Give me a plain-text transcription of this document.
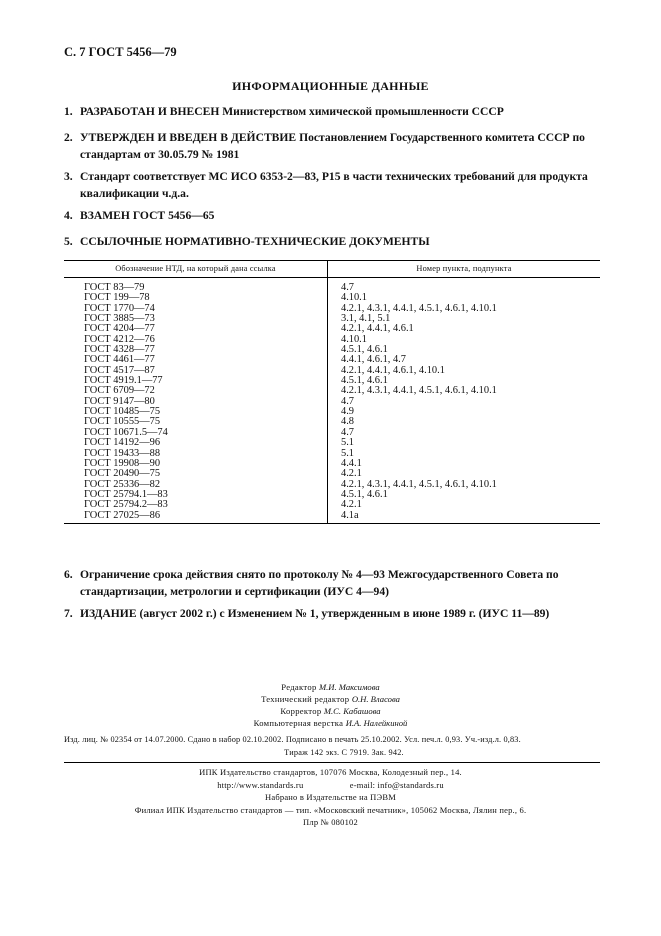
С. 7 ГОСТ 5456—79
ИНФОРМАЦИОННЫЕ ДАННЫЕ
1. РАЗРАБОТАН И ВНЕСЕН Министерством химической промышленности СССР
2. УТВЕРЖДЕН И ВВЕДЕН В ДЕЙСТВИЕ Постановлением Государственного комитета СССР по стандартам от 30.05.79 № 1981
3. Стандарт соответствует МС ИСО 6353-2—83, Р15 в части технических требований для продукта квалификации ч.д.а.
4. ВЗАМЕН ГОСТ 5456—65
5. ССЫЛОЧНЫЕ НОРМАТИВНО-ТЕХНИЧЕСКИЕ ДОКУМЕНТЫ
Обозначение НТД, на который дана ссылка	Номер пункта, подпункта
ГОСТ 83—79	4.7
ГОСТ 199—78	4.10.1
ГОСТ 1770—74	4.2.1, 4.3.1, 4.4.1, 4.5.1, 4.6.1, 4.10.1
ГОСТ 3885—73	3.1, 4.1, 5.1
ГОСТ 4204—77	4.2.1, 4.4.1, 4.6.1
ГОСТ 4212—76	4.10.1
ГОСТ 4328—77	4.5.1, 4.6.1
ГОСТ 4461—77	4.4.1, 4.6.1, 4.7
ГОСТ 4517—87	4.2.1, 4.4.1, 4.6.1, 4.10.1
ГОСТ 4919.1—77	4.5.1, 4.6.1
ГОСТ 6709—72	4.2.1, 4.3.1, 4.4.1, 4.5.1, 4.6.1, 4.10.1
ГОСТ 9147—80	4.7
ГОСТ 10485—75	4.9
ГОСТ 10555—75	4.8
ГОСТ 10671.5—74	4.7
ГОСТ 14192—96	5.1
ГОСТ 19433—88	5.1
ГОСТ 19908—90	4.4.1
ГОСТ 20490—75	4.2.1
ГОСТ 25336—82	4.2.1, 4.3.1, 4.4.1, 4.5.1, 4.6.1, 4.10.1
ГОСТ 25794.1—83	4.5.1, 4.6.1
ГОСТ 25794.2—83	4.2.1
ГОСТ 27025—86	4.1а
6. Ограничение срока действия снято по протоколу № 4—93 Межгосударственного Совета по стандартизации, метрологии и сертификации (ИУС 4—94)
7. ИЗДАНИЕ (август 2002 г.) с Изменением № 1, утвержденным в июне 1989 г. (ИУС 11—89)
Редактор М.И. Максимова
Технический редактор О.Н. Власова
Корректор М.С. Кабашова
Компьютерная верстка И.А. Налейкиной
Изд. лиц. № 02354 от 14.07.2000. Сдано в набор 02.10.2002. Подписано в печать 25.10.2002. Усл. печ.л. 0,93. Уч.-изд.л. 0,83.
Тираж 142 экз. С 7919. Зак. 942.
ИПК Издательство стандартов, 107076 Москва, Колодезный пер., 14.
http://www.standards.ru	e-mail: info@standards.ru
Набрано в Издательстве на ПЭВМ
Филиал ИПК Издательство стандартов — тип. «Московский печатник», 105062 Москва, Лялин пер., 6.
Плр № 080102
